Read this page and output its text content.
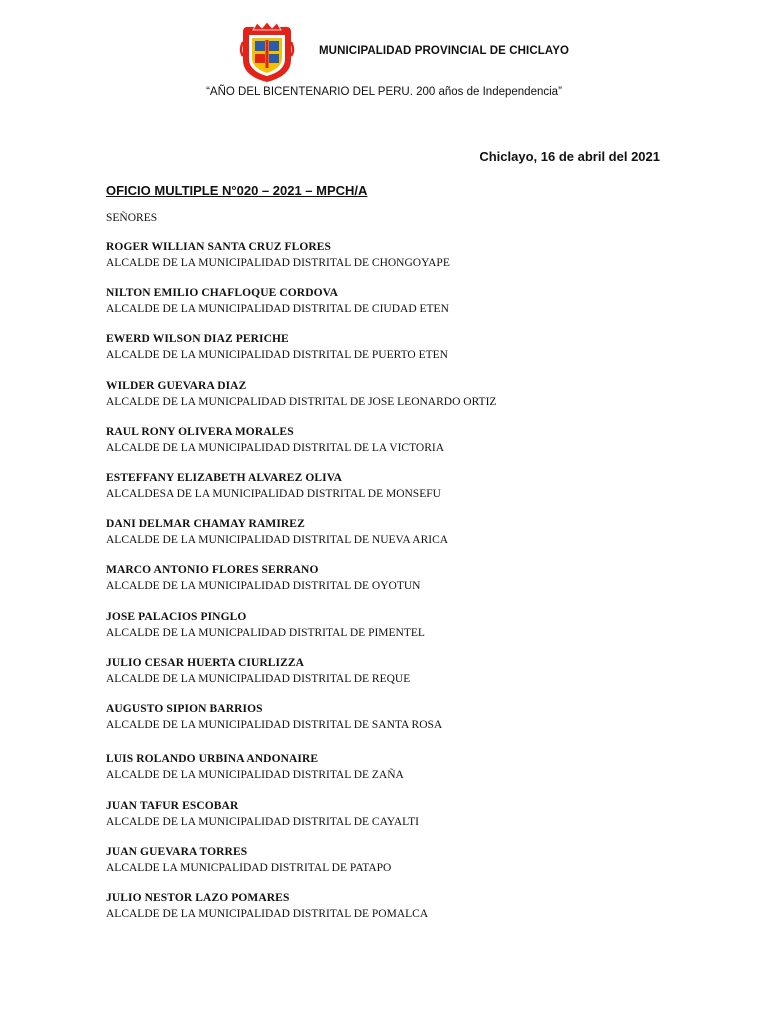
MUNICIPALIDAD PROVINCIAL DE CHICLAYO
“AÑO DEL BICENTENARIO DEL PERU. 200 años de Independencia”
Chiclayo, 16 de abril del 2021
OFICIO MULTIPLE N°020 – 2021 – MPCH/A
SEÑORES
ROGER WILLIAN SANTA CRUZ FLORES
ALCALDE DE LA MUNICIPALIDAD DISTRITAL DE CHONGOYAPE
NILTON EMILIO CHAFLOQUE CORDOVA
ALCALDE DE LA MUNICIPALIDAD DISTRITAL DE CIUDAD ETEN
EWERD WILSON DIAZ PERICHE
ALCALDE DE LA MUNICIPALIDAD DISTRITAL DE PUERTO ETEN
WILDER GUEVARA DIAZ
ALCALDE DE LA MUNICPALIDAD DISTRITAL DE JOSE LEONARDO ORTIZ
RAUL RONY OLIVERA MORALES
ALCALDE DE LA MUNICIPALIDAD DISTRITAL DE LA VICTORIA
ESTEFFANY ELIZABETH ALVAREZ OLIVA
ALCALDESA DE LA MUNICIPALIDAD DISTRITAL DE MONSEFU
DANI DELMAR CHAMAY RAMIREZ
ALCALDE DE LA MUNICIPALIDAD DISTRITAL DE NUEVA ARICA
MARCO ANTONIO FLORES SERRANO
ALCALDE DE LA MUNICIPALIDAD DISTRITAL DE OYOTUN
JOSE PALACIOS PINGLO
ALCALDE DE LA MUNICPALIDAD DISTRITAL DE PIMENTEL
JULIO CESAR HUERTA CIURLIZZA
ALCALDE DE LA MUNICIPALIDAD DISTRITAL DE REQUE
AUGUSTO SIPION BARRIOS
ALCALDE DE LA MUNICIPALIDAD DISTRITAL DE SANTA ROSA
LUIS ROLANDO URBINA ANDONAIRE
ALCALDE DE LA MUNICIPALIDAD DISTRITAL DE ZAÑA
JUAN TAFUR ESCOBAR
ALCALDE DE LA MUNICIPALIDAD DISTRITAL DE CAYALTI
JUAN GUEVARA TORRES
ALCALDE LA MUNICPALIDAD DISTRITAL DE PATAPO
JULIO NESTOR LAZO POMARES
ALCALDE DE LA MUNICIPALIDAD DISTRITAL DE POMALCA
